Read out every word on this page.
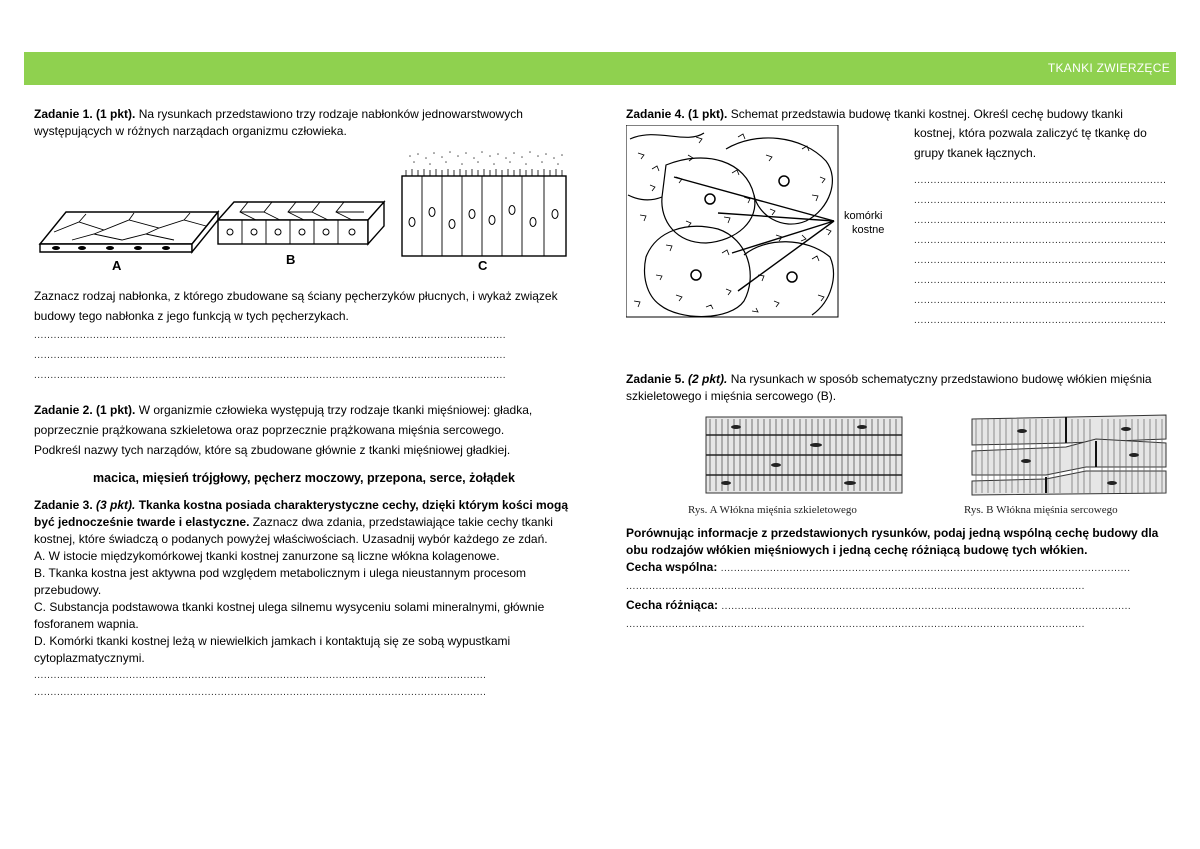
TKANKI ZWIERZĘCE

Zadanie 1. (1 pkt). Na rysunkach przedstawiono trzy rodzaje nabłonków jednowarstwowych występujących w różnych narządach organizmu człowieka.

A	B	C

Zaznacz rodzaj nabłonka, z którego zbudowane są ściany pęcherzyków płucnych, i wykaż związek budowy tego nabłonka z jego funkcją w tych pęcherzykach.

................................................................................................................................................
................................................................................................................................................
................................................................................................................................................

Zadanie 2. (1 pkt). W organizmie człowieka występują trzy rodzaje tkanki mięśniowej: gładka, poprzecznie prążkowana szkieletowa oraz poprzecznie prążkowana mięśnia sercowego.

Podkreśl nazwy tych narządów, które są zbudowane głównie z tkanki mięśniowej gładkiej.

macica, mięsień trójgłowy, pęcherz moczowy, przepona, serce, żołądek

Zadanie 3. (3 pkt). Tkanka kostna posiada charakterystyczne cechy, dzięki którym kości mogą być jednocześnie twarde i elastyczne. Zaznacz dwa zdania, przedstawiające takie cechy tkanki kostnej, które świadczą o podanych powyżej właściwościach. Uzasadnij wybór każdego ze zdań.

A. W istocie międzykomórkowej tkanki kostnej zanurzone są liczne włókna kolagenowe.

B. Tkanka kostna jest aktywna pod względem metabolicznym i ulega nieustannym procesom przebudowy.

C. Substancja podstawowa tkanki kostnej ulega silnemu wysyceniu solami mineralnymi, głównie fosforanem wapnia.

D. Komórki tkanki kostnej leżą w niewielkich jamkach i kontaktują się ze sobą wypustkami cytoplazmatycznymi.

..........................................................................................................................................
..........................................................................................................................................

Zadanie 4. (1 pkt). Schemat przedstawia budowę tkanki kostnej. Określ cechę budowy tkanki

komórki
kostne

kostnej, która pozwala zaliczyć tę tkankę do grupy tkanek łącznych.

.............................................................................
.............................................................................
.............................................................................
.............................................................................
.............................................................................
.............................................................................
.............................................................................
.............................................................................

Zadanie 5. (2 pkt). Na rysunkach w sposób schematyczny przedstawiono budowę włókien mięśnia szkieletowego i mięśnia sercowego (B).

Rys. A Włókna mięśnia szkieletowego	Rys. B Włókna mięśnia sercowego

Porównując informacje z przedstawionych rysunków, podaj jedną wspólną cechę budowy dla obu rodzajów włókien mięśniowych i jedną cechę różniącą budowę tych włókien.

Cecha wspólna: .............................................................................................................................

............................................................................................................................................

Cecha różniąca: .............................................................................................................................

............................................................................................................................................
